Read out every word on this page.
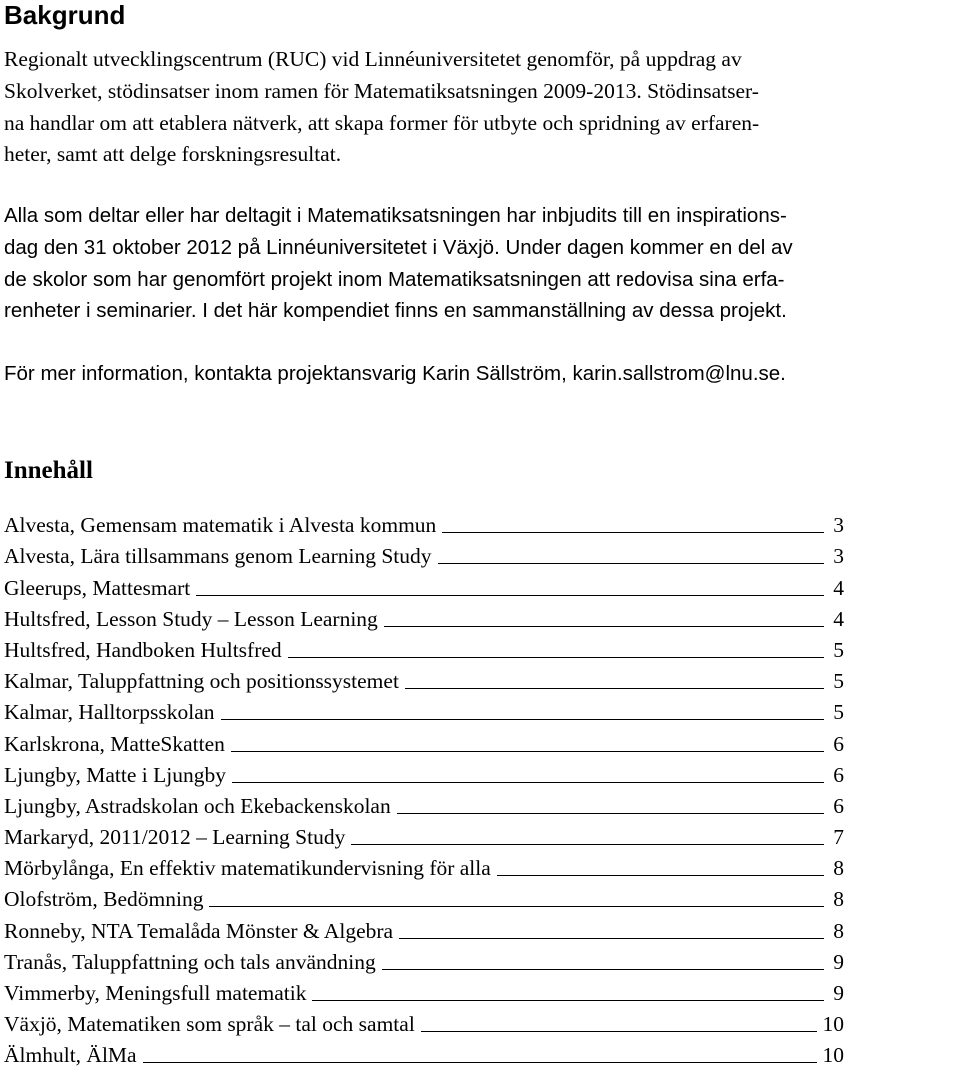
Bakgrund
Regionalt utvecklingscentrum (RUC) vid Linnéuniversitetet genomför, på uppdrag av
Skolverket, stödinsatser inom ramen för Matematiksatsningen 2009-2013. Stödinsatser-
na handlar om att etablera nätverk, att skapa former för utbyte och spridning av erfaren-
heter, samt att delge forskningsresultat.
Alla som deltar eller har deltagit i Matematiksatsningen har inbjudits till en inspirations-
dag den 31 oktober 2012 på Linnéuniversitetet i Växjö. Under dagen kommer en del av
de skolor som har genomfört projekt inom Matematiksatsningen att redovisa sina erfa-
renheter i seminarier. I det här kompendiet finns en sammanställning av dessa projekt.

För mer information, kontakta projektansvarig Karin Sällström, karin.sallstrom@lnu.se.

Innehåll
Alvesta, Gemensam matematik i Alvesta kommun	3
Alvesta, Lära tillsammans genom Learning Study	3
Gleerups, Mattesmart	4
Hultsfred, Lesson Study – Lesson Learning	4
Hultsfred, Handboken Hultsfred	5
Kalmar, Taluppfattning och positionssystemet	5
Kalmar, Halltorpsskolan	5
Karlskrona, MatteSkatten	6
Ljungby, Matte i Ljungby	6
Ljungby, Astradskolan och Ekebackenskolan	6
Markaryd, 2011/2012 – Learning Study	7
Mörbylånga, En effektiv matematikundervisning för alla	8
Olofström, Bedömning	8
Ronneby, NTA Temalåda Mönster & Algebra	8
Tranås, Taluppfattning och tals användning	9
Vimmerby, Meningsfull matematik	9
Växjö, Matematiken som språk – tal och samtal	10
Älmhult, ÄlMa	10
